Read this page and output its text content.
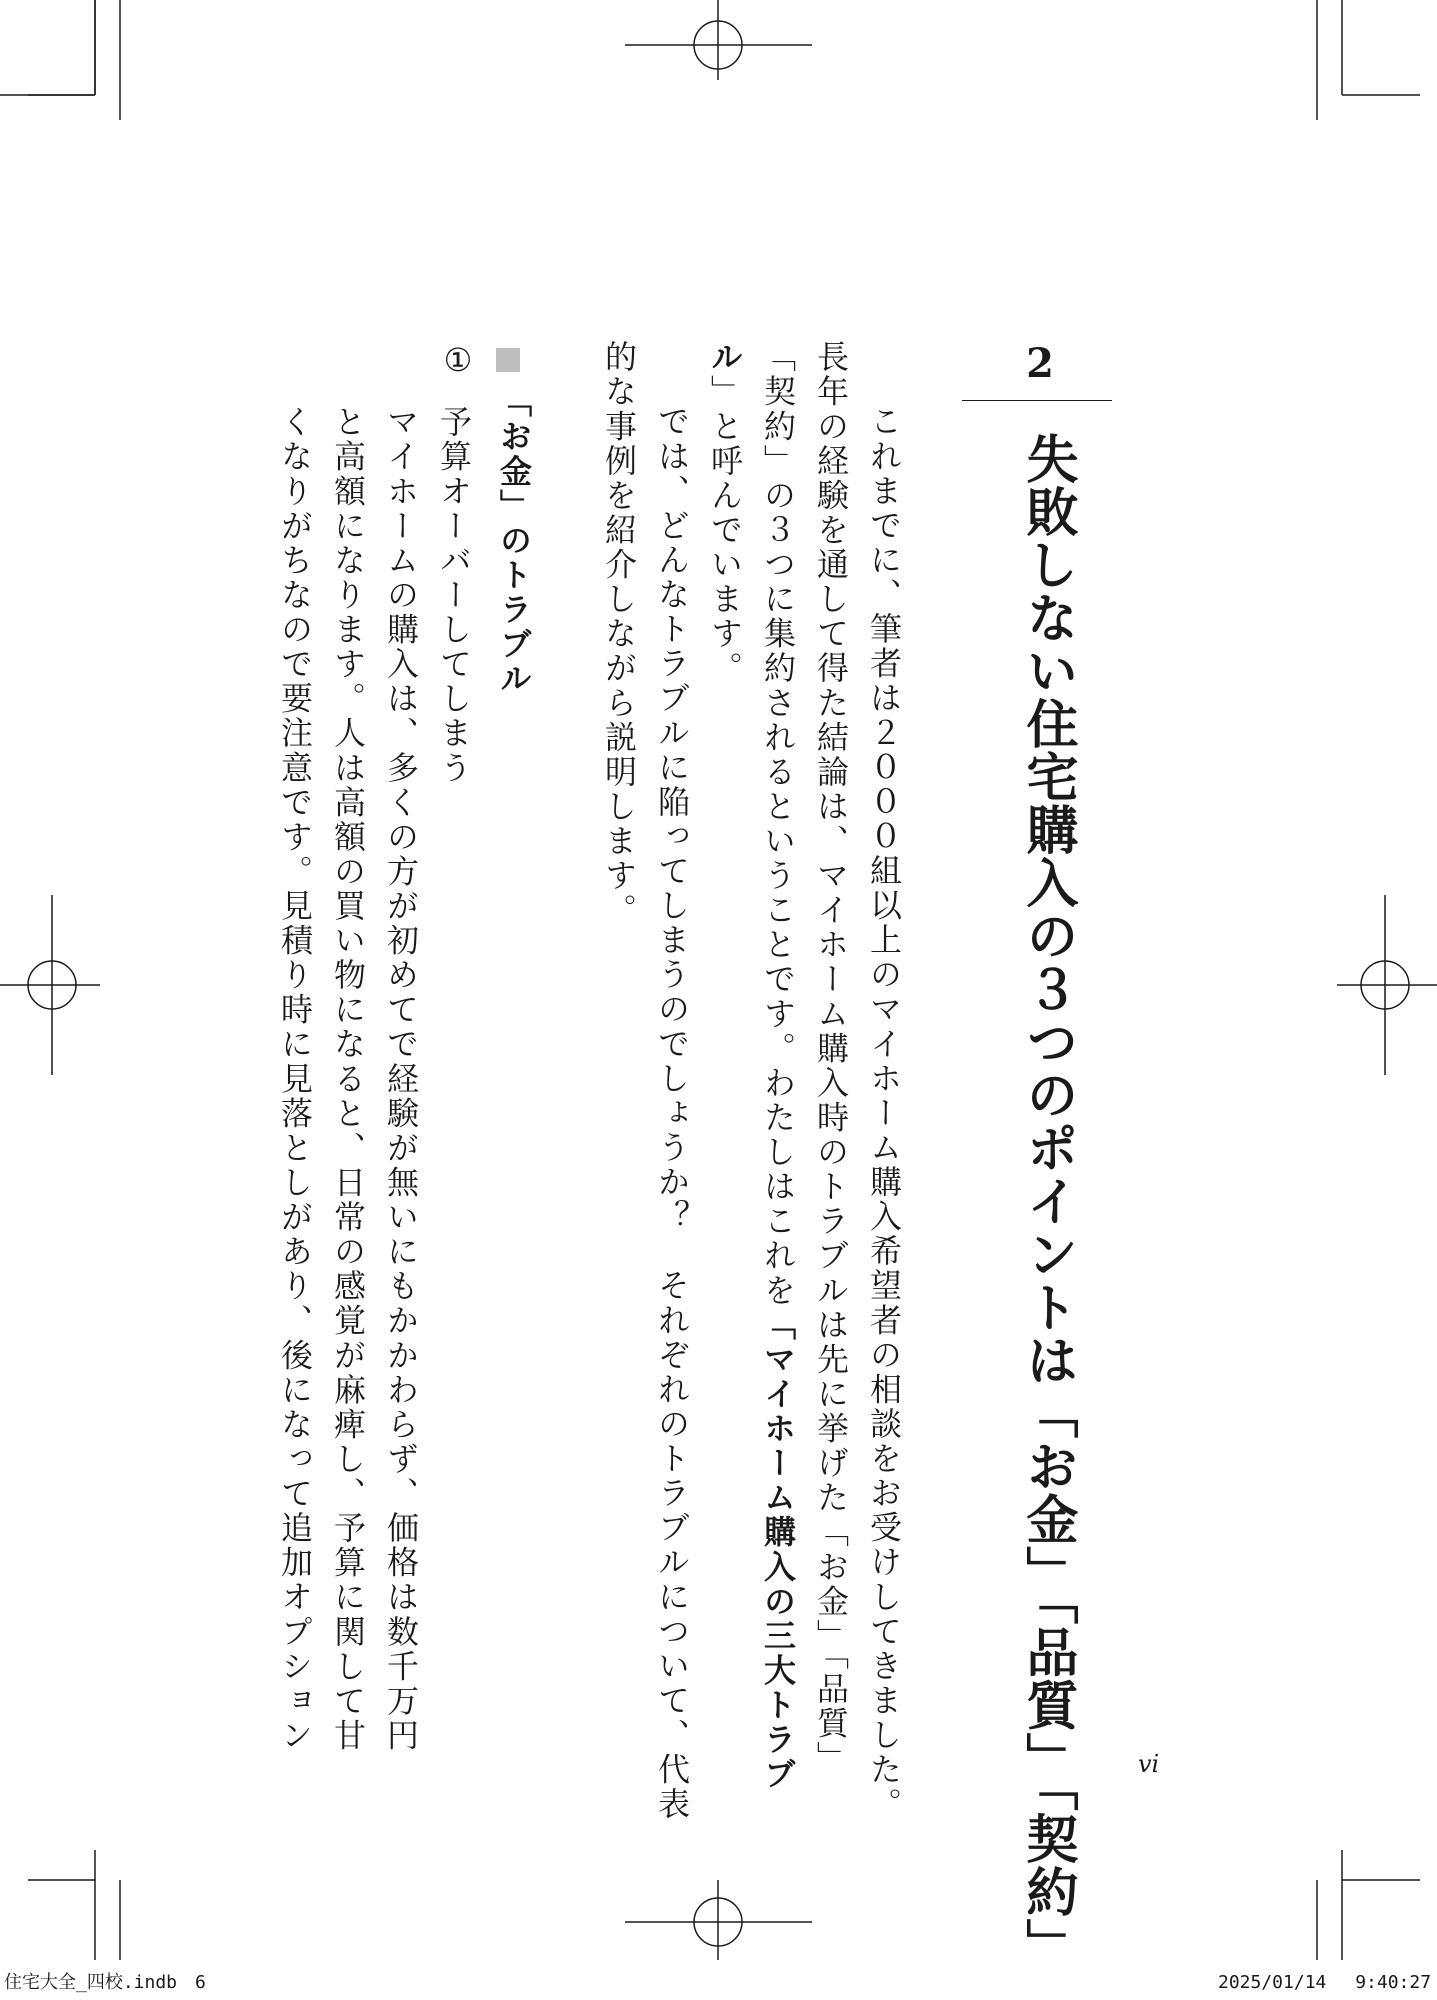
2
失敗しない住宅購入の３つのポイントは「お金」「品質」「契約」
　これまでに、筆者は２０００組以上のマイホーム購入希望者の相談をお受けしてきました。
長年の経験を通して得た結論は、マイホーム購入時のトラブルは先に挙げた「お金」「品質」
「契約」の３つに集約されるということです。わたしはこれを「マイホーム購入の三大トラブ
ル」と呼んでいます。
　では、どんなトラブルに陥ってしまうのでしょうか？　それぞれのトラブルについて、代表
的な事例を紹介しながら説明します。
「お金」のトラブル
①
予算オーバーしてしまう
マイホームの購入は、多くの方が初めてで経験が無いにもかかわらず、価格は数千万円
と高額になります。人は高額の買い物になると、日常の感覚が麻痺し、予算に関して甘
くなりがちなので要注意です。見積り時に見落としがあり、後になって追加オプション
vi
住宅大全_四校.indb　6	2025/01/14　 9:40:27
